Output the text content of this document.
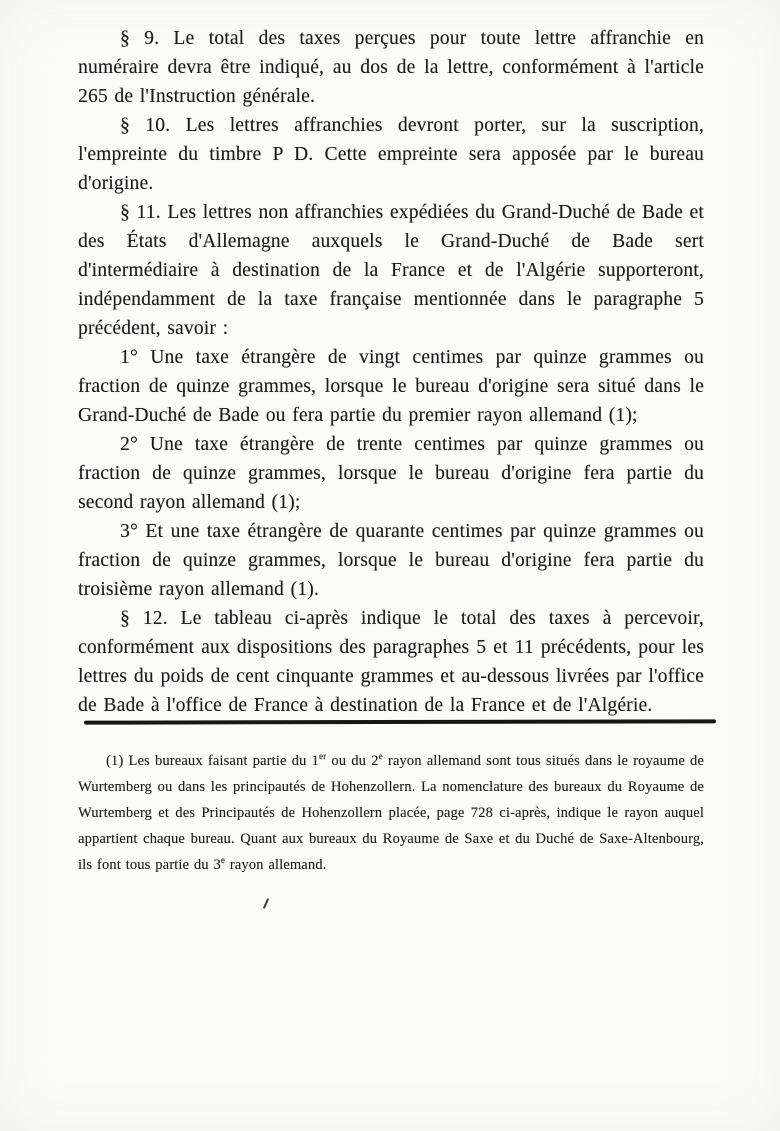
§ 9. Le total des taxes perçues pour toute lettre affranchie en numéraire devra être indiqué, au dos de la lettre, conformément à l'article 265 de l'Instruction générale.

§ 10. Les lettres affranchies devront porter, sur la suscription, l'empreinte du timbre P D. Cette empreinte sera apposée par le bureau d'origine.

§ 11. Les lettres non affranchies expédiées du Grand-Duché de Bade et des États d'Allemagne auxquels le Grand-Duché de Bade sert d'intermédiaire à destination de la France et de l'Algérie supporteront, indépendamment de la taxe française mentionnée dans le paragraphe 5 précédent, savoir :

1° Une taxe étrangère de vingt centimes par quinze grammes ou fraction de quinze grammes, lorsque le bureau d'origine sera situé dans le Grand-Duché de Bade ou fera partie du premier rayon allemand (1);

2° Une taxe étrangère de trente centimes par quinze grammes ou fraction de quinze grammes, lorsque le bureau d'origine fera partie du second rayon allemand (1);

3° Et une taxe étrangère de quarante centimes par quinze grammes ou fraction de quinze grammes, lorsque le bureau d'origine fera partie du troisième rayon allemand (1).

§ 12. Le tableau ci-après indique le total des taxes à percevoir, conformément aux dispositions des paragraphes 5 et 11 précédents, pour les lettres du poids de cent cinquante grammes et au-dessous livrées par l'office de Bade à l'office de France à destination de la France et de l'Algérie.

(1) Les bureaux faisant partie du 1er ou du 2e rayon allemand sont tous situés dans le royaume de Wurtemberg ou dans les principautés de Hohenzollern. La nomenclature des bureaux du Royaume de Wurtemberg et des Principautés de Hohenzollern placée, page 728 ci-après, indique le rayon auquel appartient chaque bureau. Quant aux bureaux du Royaume de Saxe et du Duché de Saxe-Altenbourg, ils font tous partie du 3e rayon allemand.
